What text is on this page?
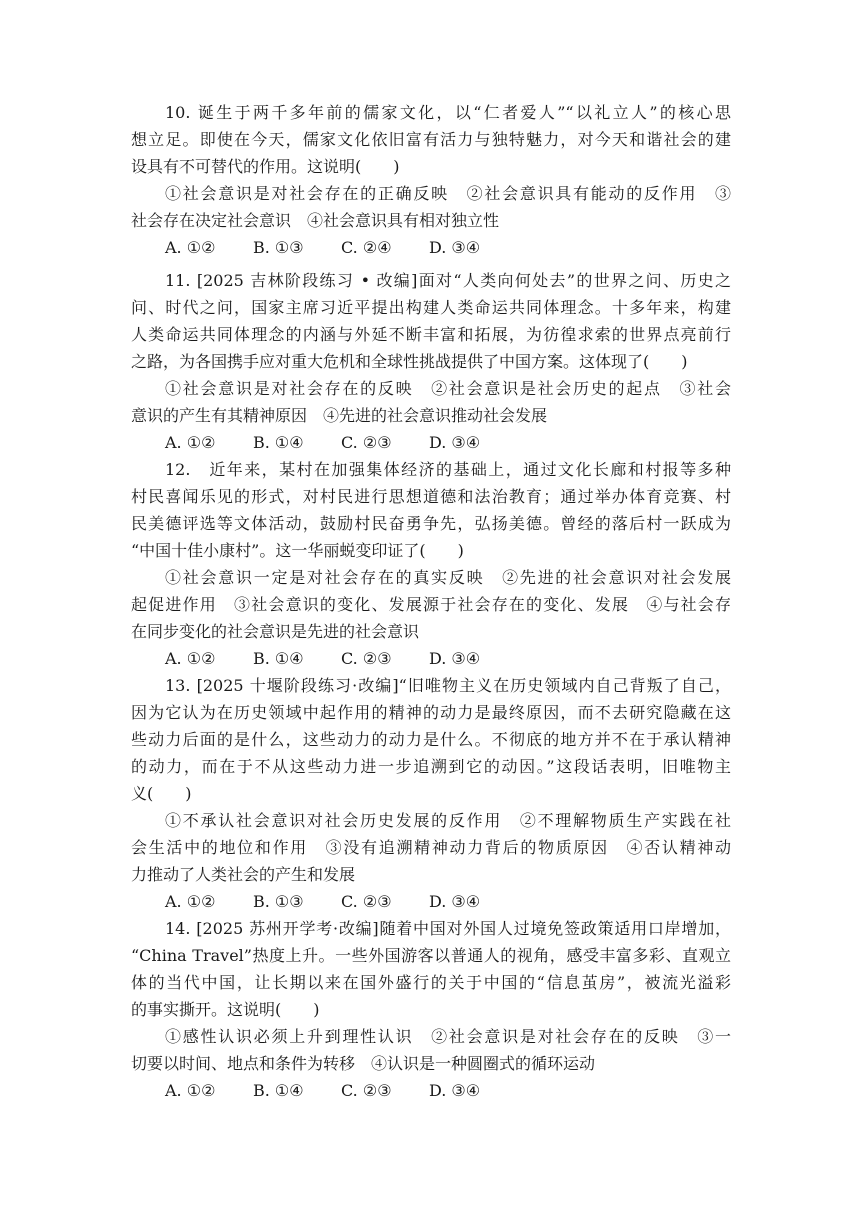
10. 诞生于两千多年前的儒家文化，以“仁者爱人”“以礼立人”的核心思
想立足。即使在今天，儒家文化依旧富有活力与独特魅力，对今天和谐社会的建
设具有不可替代的作用。这说明(　　)
①社会意识是对社会存在的正确反映　②社会意识具有能动的反作用　③
社会存在决定社会意识　④社会意识具有相对独立性
A. ①②	B. ①③	C. ②④	D. ③④
11. [2025 吉林阶段练习 • 改编]面对“人类向何处去”的世界之问、历史之
问、时代之问，国家主席习近平提出构建人类命运共同体理念。十多年来，构建
人类命运共同体理念的内涵与外延不断丰富和拓展，为彷徨求索的世界点亮前行
之路，为各国携手应对重大危机和全球性挑战提供了中国方案。这体现了(　　)
①社会意识是对社会存在的反映　②社会意识是社会历史的起点　③社会
意识的产生有其精神原因　④先进的社会意识推动社会发展
A. ①②	B. ①④	C. ②③	D. ③④
12.　近年来，某村在加强集体经济的基础上，通过文化长廊和村报等多种
村民喜闻乐见的形式，对村民进行思想道德和法治教育；通过举办体育竞赛、村
民美德评选等文体活动，鼓励村民奋勇争先，弘扬美德。曾经的落后村一跃成为
“中国十佳小康村”。这一华丽蜕变印证了(　　)
①社会意识一定是对社会存在的真实反映　②先进的社会意识对社会发展
起促进作用　③社会意识的变化、发展源于社会存在的变化、发展　④与社会存
在同步变化的社会意识是先进的社会意识
A. ①②	B. ①④	C. ②③	D. ③④
13. [2025 十堰阶段练习·改编]“旧唯物主义在历史领域内自己背叛了自己，
因为它认为在历史领域中起作用的精神的动力是最终原因，而不去研究隐藏在这
些动力后面的是什么，这些动力的动力是什么。不彻底的地方并不在于承认精神
的动力，而在于不从这些动力进一步追溯到它的动因。”这段话表明，旧唯物主
义(　　)
①不承认社会意识对社会历史发展的反作用　②不理解物质生产实践在社
会生活中的地位和作用　③没有追溯精神动力背后的物质原因　④否认精神动
力推动了人类社会的产生和发展
A. ①②	B. ①③	C. ②③	D. ③④
14. [2025 苏州开学考·改编]随着中国对外国人过境免签政策适用口岸增加，
“China Travel”热度上升。一些外国游客以普通人的视角，感受丰富多彩、直观立
体的当代中国，让长期以来在国外盛行的关于中国的“信息茧房”，被流光溢彩
的事实撕开。这说明(　　)
①感性认识必须上升到理性认识　②社会意识是对社会存在的反映　③一
切要以时间、地点和条件为转移　④认识是一种圆圈式的循环运动
A. ①②	B. ①④	C. ②③	D. ③④
